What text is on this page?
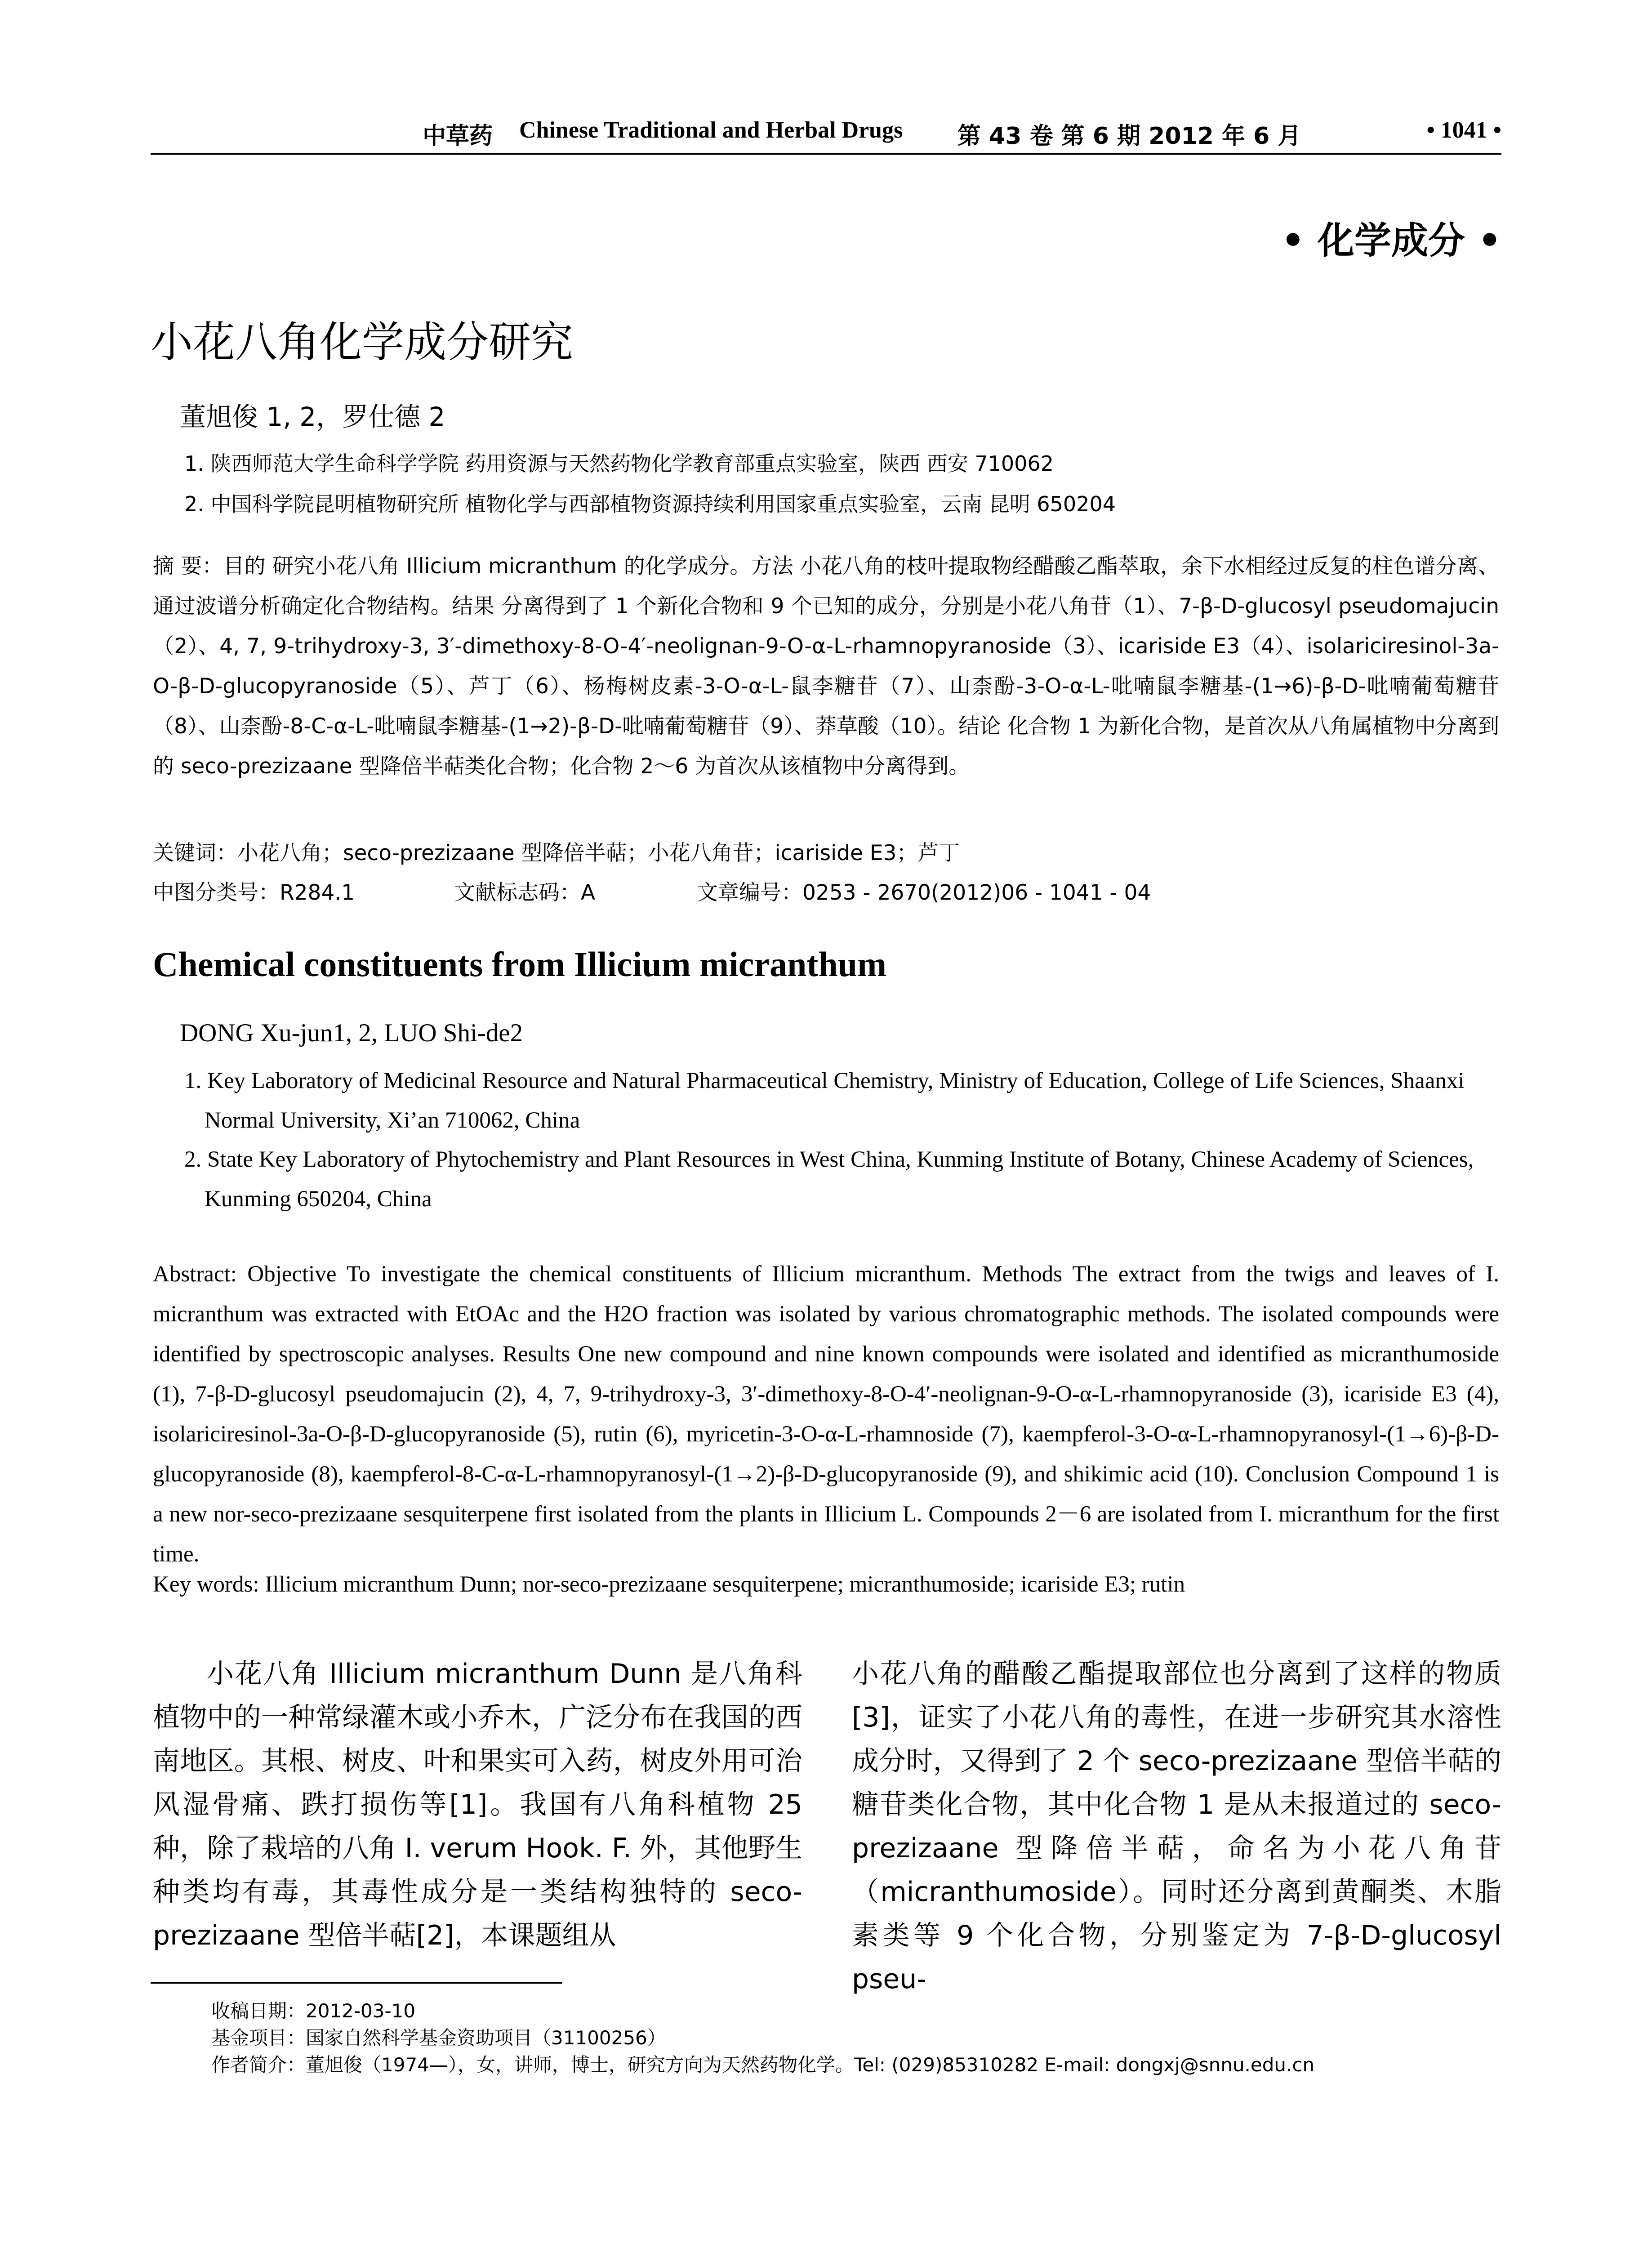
中草药 Chinese Traditional and Herbal Drugs 第 43 卷 第 6 期 2012 年 6 月	• 1041 •
• 化学成分 •
小花八角化学成分研究
董旭俊 1, 2，罗仕德 2
1. 陕西师范大学生命科学学院 药用资源与天然药物化学教育部重点实验室，陕西 西安 710062
2. 中国科学院昆明植物研究所 植物化学与西部植物资源持续利用国家重点实验室，云南 昆明 650204
摘 要：目的 研究小花八角 Illicium micranthum 的化学成分。方法 小花八角的枝叶提取物经醋酸乙酯萃取，余下水相经过反复的柱色谱分离、通过波谱分析确定化合物结构。结果 分离得到了 1 个新化合物和 9 个已知的成分，分别是小花八角苷（1）、7-β-D-glucosyl pseudomajucin（2）、4, 7, 9-trihydroxy-3, 3′-dimethoxy-8-O-4′-neolignan-9-O-α-L-rhamnopyranoside（3）、icariside E3（4）、isolariciresinol-3a-O-β-D-glucopyranoside（5）、芦丁（6）、杨梅树皮素-3-O-α-L-鼠李糖苷（7）、山柰酚-3-O-α-L-吡喃鼠李糖基-(1→6)-β-D-吡喃葡萄糖苷（8）、山柰酚-8-C-α-L-吡喃鼠李糖基-(1→2)-β-D-吡喃葡萄糖苷（9）、莽草酸（10）。结论 化合物 1 为新化合物，是首次从八角属植物中分离到的 seco-prezizaane 型降倍半萜类化合物；化合物 2～6 为首次从该植物中分离得到。
关键词：小花八角；seco-prezizaane 型降倍半萜；小花八角苷；icariside E3；芦丁
中图分类号：R284.1	文献标志码：A	文章编号：0253 - 2670(2012)06 - 1041 - 04
Chemical constituents from Illicium micranthum
DONG Xu-jun1, 2, LUO Shi-de2
1. Key Laboratory of Medicinal Resource and Natural Pharmaceutical Chemistry, Ministry of Education, College of Life Sciences, Shaanxi Normal University, Xi’an 710062, China
2. State Key Laboratory of Phytochemistry and Plant Resources in West China, Kunming Institute of Botany, Chinese Academy of Sciences, Kunming 650204, China
Abstract: Objective To investigate the chemical constituents of Illicium micranthum. Methods The extract from the twigs and leaves of I. micranthum was extracted with EtOAc and the H2O fraction was isolated by various chromatographic methods. The isolated compounds were identified by spectroscopic analyses. Results One new compound and nine known compounds were isolated and identified as micranthumoside (1), 7-β-D-glucosyl pseudomajucin (2), 4, 7, 9-trihydroxy-3, 3′-dimethoxy-8-O-4′-neolignan-9-O-α-L-rhamnopyranoside (3), icariside E3 (4), isolariciresinol-3a-O-β-D-glucopyranoside (5), rutin (6), myricetin-3-O-α-L-rhamnoside (7), kaempferol-3-O-α-L-rhamnopyranosyl-(1→6)-β-D-glucopyranoside (8), kaempferol-8-C-α-L-rhamnopyranosyl-(1→2)-β-D-glucopyranoside (9), and shikimic acid (10). Conclusion Compound 1 is a new nor-seco-prezizaane sesquiterpene first isolated from the plants in Illicium L. Compounds 2－6 are isolated from I. micranthum for the first time.
Key words: Illicium micranthum Dunn; nor-seco-prezizaane sesquiterpene; micranthumoside; icariside E3; rutin
小花八角 Illicium micranthum Dunn 是八角科植物中的一种常绿灌木或小乔木，广泛分布在我国的西南地区。其根、树皮、叶和果实可入药，树皮外用可治风湿骨痛、跌打损伤等[1]。我国有八角科植物 25 种，除了栽培的八角 I. verum Hook. F. 外，其他野生种类均有毒，其毒性成分是一类结构独特的 seco-prezizaane 型倍半萜[2]，本课题组从
小花八角的醋酸乙酯提取部位也分离到了这样的物质[3]，证实了小花八角的毒性，在进一步研究其水溶性成分时，又得到了 2 个 seco-prezizaane 型倍半萜的糖苷类化合物，其中化合物 1 是从未报道过的 seco-prezizaane 型降倍半萜，命名为小花八角苷（micranthumoside）。同时还分离到黄酮类、木脂素类等 9 个化合物，分别鉴定为 7-β-D-glucosyl pseu-
收稿日期：2012-03-10
基金项目：国家自然科学基金资助项目（31100256）
作者简介：董旭俊（1974—），女，讲师，博士，研究方向为天然药物化学。Tel: (029)85310282 E-mail: dongxj@snnu.edu.cn
